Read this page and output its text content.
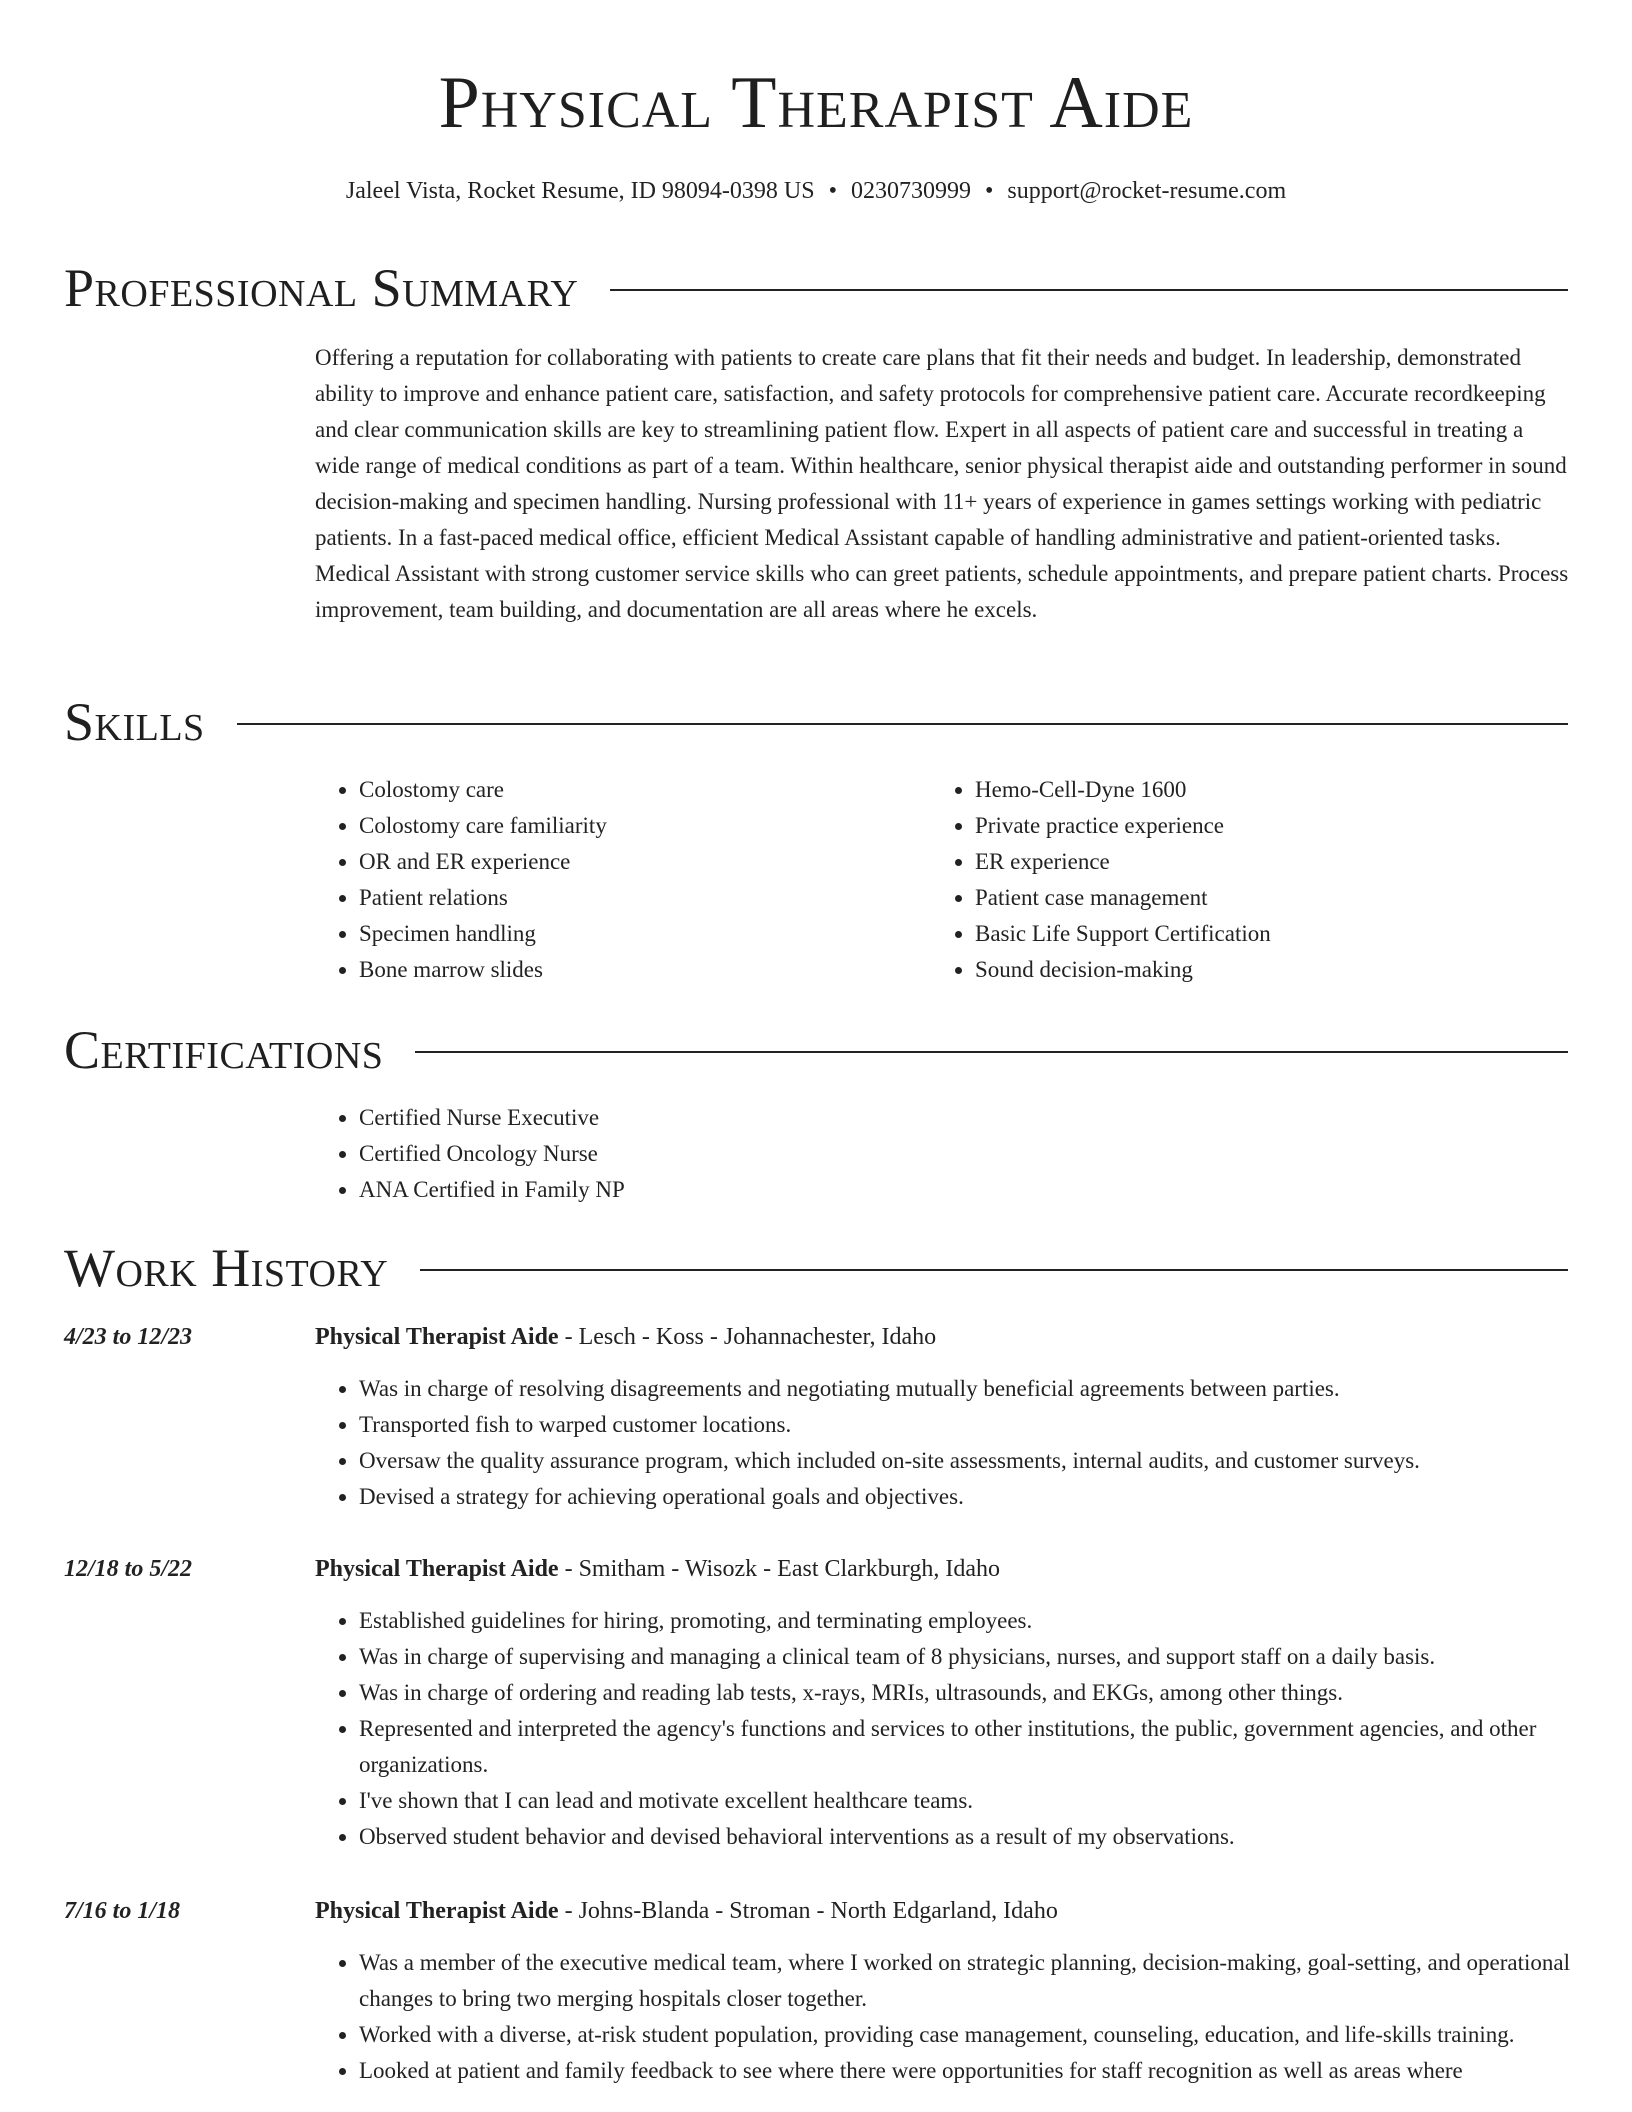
Physical Therapist Aide
Jaleel Vista, Rocket Resume, ID 98094-0398 US • 0230730999 • support@rocket-resume.com
Professional Summary
Offering a reputation for collaborating with patients to create care plans that fit their needs and budget. In leadership, demonstrated ability to improve and enhance patient care, satisfaction, and safety protocols for comprehensive patient care. Accurate recordkeeping and clear communication skills are key to streamlining patient flow. Expert in all aspects of patient care and successful in treating a wide range of medical conditions as part of a team. Within healthcare, senior physical therapist aide and outstanding performer in sound decision-making and specimen handling. Nursing professional with 11+ years of experience in games settings working with pediatric patients. In a fast-paced medical office, efficient Medical Assistant capable of handling administrative and patient-oriented tasks. Medical Assistant with strong customer service skills who can greet patients, schedule appointments, and prepare patient charts. Process improvement, team building, and documentation are all areas where he excels.
Skills
• Colostomy care
• Colostomy care familiarity
• OR and ER experience
• Patient relations
• Specimen handling
• Bone marrow slides
• Hemo-Cell-Dyne 1600
• Private practice experience
• ER experience
• Patient case management
• Basic Life Support Certification
• Sound decision-making
Certifications
• Certified Nurse Executive
• Certified Oncology Nurse
• ANA Certified in Family NP
Work History
4/23 to 12/23	Physical Therapist Aide - Lesch - Koss - Johannachester, Idaho
• Was in charge of resolving disagreements and negotiating mutually beneficial agreements between parties.
• Transported fish to warped customer locations.
• Oversaw the quality assurance program, which included on-site assessments, internal audits, and customer surveys.
• Devised a strategy for achieving operational goals and objectives.
12/18 to 5/22	Physical Therapist Aide - Smitham - Wisozk - East Clarkburgh, Idaho
• Established guidelines for hiring, promoting, and terminating employees.
• Was in charge of supervising and managing a clinical team of 8 physicians, nurses, and support staff on a daily basis.
• Was in charge of ordering and reading lab tests, x-rays, MRIs, ultrasounds, and EKGs, among other things.
• Represented and interpreted the agency's functions and services to other institutions, the public, government agencies, and other organizations.
• I've shown that I can lead and motivate excellent healthcare teams.
• Observed student behavior and devised behavioral interventions as a result of my observations.
7/16 to 1/18	Physical Therapist Aide - Johns-Blanda - Stroman - North Edgarland, Idaho
• Was a member of the executive medical team, where I worked on strategic planning, decision-making, goal-setting, and operational changes to bring two merging hospitals closer together.
• Worked with a diverse, at-risk student population, providing case management, counseling, education, and life-skills training.
• Looked at patient and family feedback to see where there were opportunities for staff recognition as well as areas where
